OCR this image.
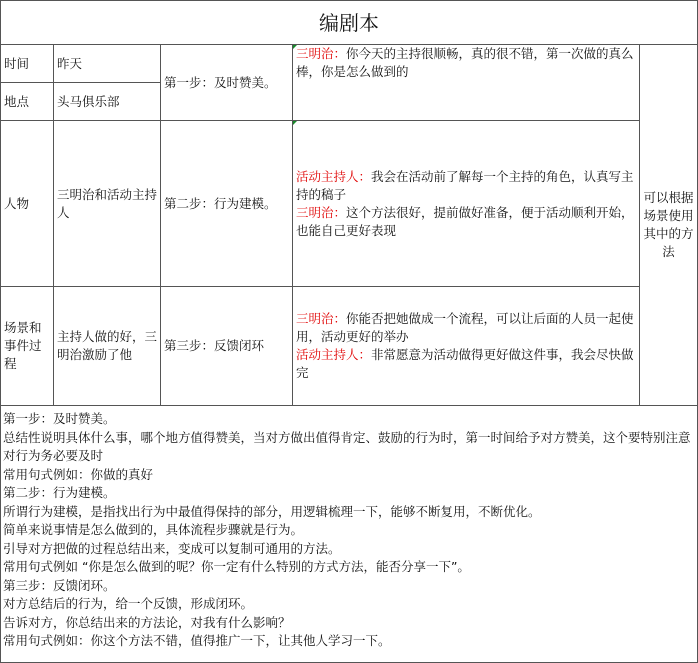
编剧本
时间
地点
人物
场景和事件过程
昨天
头马俱乐部
三明治和活动主持人
主持人做的好，三明治激励了他
第一步：及时赞美。
第二步：行为建模。
第三步：反馈闭环
三明治：你今天的主持很顺畅，真的很不错，第一次做的真么棒，你是怎么做到的
活动主持人：我会在活动前了解每一个主持的角色，认真写主持的稿子
三明治：这个方法很好，提前做好准备，便于活动顺利开始，也能自己更好表现
三明治：你能否把她做成一个流程，可以让后面的人员一起使用，活动更好的举办
活动主持人：非常愿意为活动做得更好做这件事，我会尽快做完
可以根据场景使用其中的方法
第一步：及时赞美。
总结性说明具体什么事，哪个地方值得赞美，当对方做出值得肯定、鼓励的行为时，第一时间给予对方赞美，这个要特别注意对行为务必要及时
常用句式例如：你做的真好
第二步：行为建模。
所谓行为建模，是指找出行为中最值得保持的部分，用逻辑梳理一下，能够不断复用，不断优化。
简单来说事情是怎么做到的，具体流程步骤就是行为。
引导对方把做的过程总结出来，变成可以复制可通用的方法。
常用句式例如 “你是怎么做到的呢？你一定有什么特别的方式方法，能否分享一下”。
第三步：反馈闭环。
对方总结后的行为，给一个反馈，形成闭环。
告诉对方，你总结出来的方法论，对我有什么影响？
常用句式例如：你这个方法不错，值得推广一下，让其他人学习一下。
